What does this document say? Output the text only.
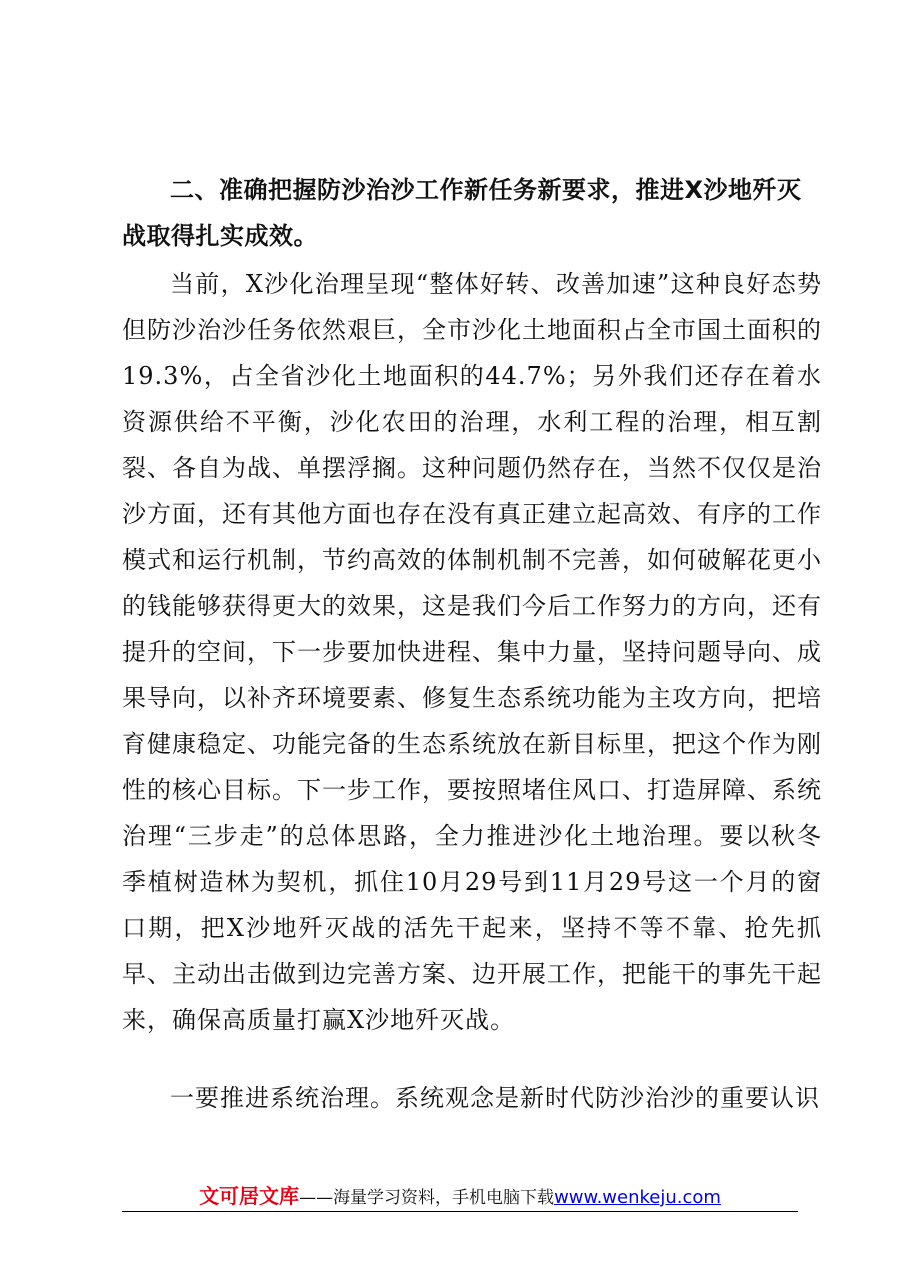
二、准确把握防沙治沙工作新任务新要求，推进X沙地歼灭战取得扎实成效。

当前，X沙化治理呈现“整体好转、改善加速”这种良好态势但防沙治沙任务依然艰巨，全市沙化土地面积占全市国土面积的19.3%，占全省沙化土地面积的44.7%；另外我们还存在着水资源供给不平衡，沙化农田的治理，水利工程的治理，相互割裂、各自为战、单摆浮搁。这种问题仍然存在，当然不仅仅是治沙方面，还有其他方面也存在没有真正建立起高效、有序的工作模式和运行机制，节约高效的体制机制不完善，如何破解花更小的钱能够获得更大的效果，这是我们今后工作努力的方向，还有提升的空间，下一步要加快进程、集中力量，坚持问题导向、成果导向，以补齐环境要素、修复生态系统功能为主攻方向，把培育健康稳定、功能完备的生态系统放在新目标里，把这个作为刚性的核心目标。下一步工作，要按照堵住风口、打造屏障、系统治理“三步走”的总体思路，全力推进沙化土地治理。要以秋冬季植树造林为契机，抓住10月29号到11月29号这一个月的窗口期，把X沙地歼灭战的活先干起来，坚持不等不靠、抢先抓早、主动出击做到边完善方案、边开展工作，把能干的事先干起来，确保高质量打赢X沙地歼灭战。

一要推进系统治理。系统观念是新时代防沙治沙的重要认识

文可居文库——海量学习资料，手机电脑下载www.wenkeju.com
